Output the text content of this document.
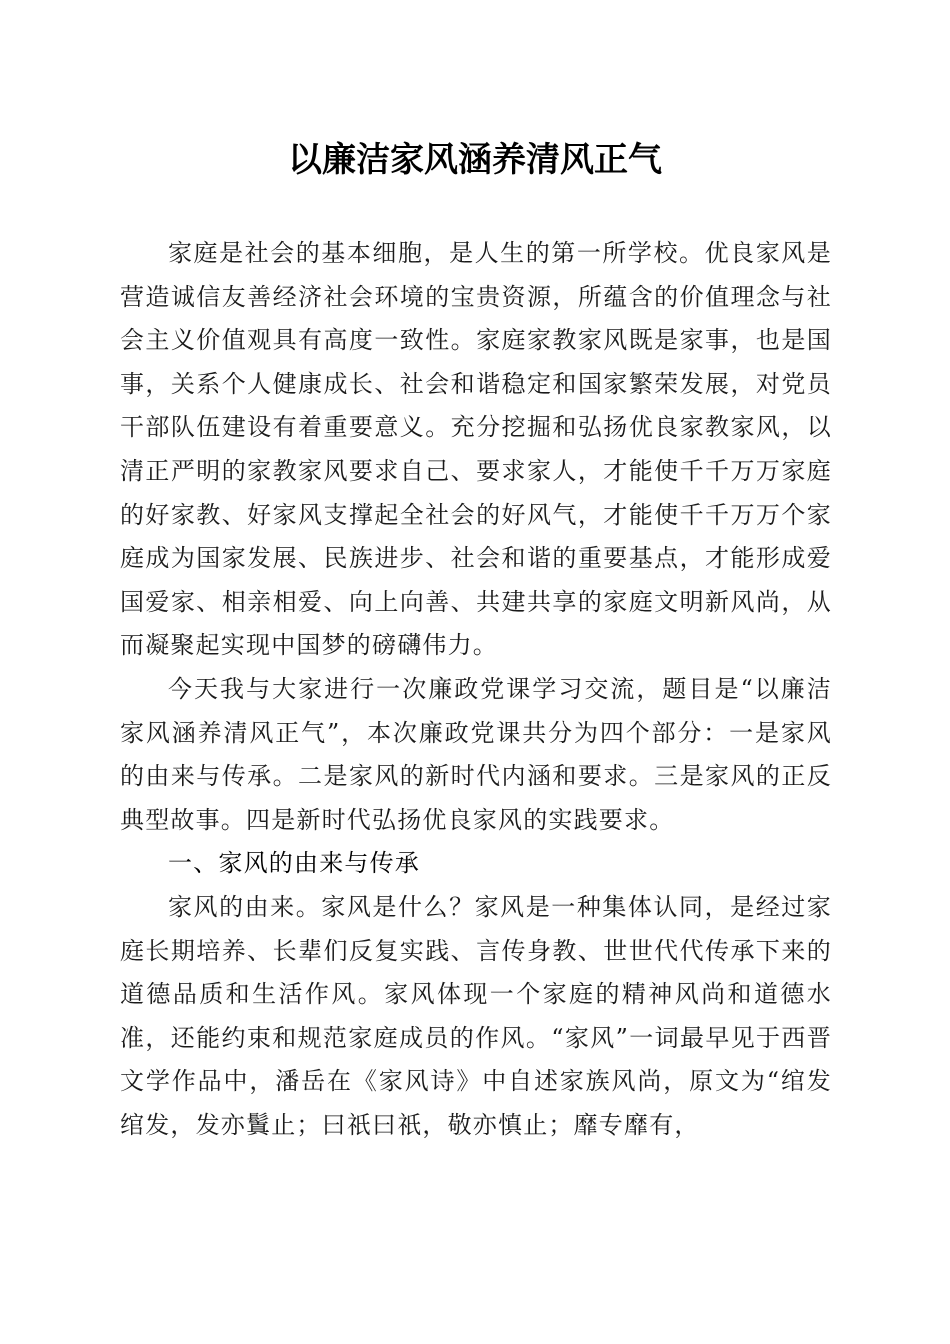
以廉洁家风涵养清风正气

家庭是社会的基本细胞，是人生的第一所学校。优良家风是营造诚信友善经济社会环境的宝贵资源，所蕴含的价值理念与社会主义价值观具有高度一致性。家庭家教家风既是家事，也是国事，关系个人健康成长、社会和谐稳定和国家繁荣发展，对党员干部队伍建设有着重要意义。充分挖掘和弘扬优良家教家风，以清正严明的家教家风要求自己、要求家人，才能使千千万万家庭的好家教、好家风支撑起全社会的好风气，才能使千千万万个家庭成为国家发展、民族进步、社会和谐的重要基点，才能形成爱国爱家、相亲相爱、向上向善、共建共享的家庭文明新风尚，从而凝聚起实现中国梦的磅礴伟力。

今天我与大家进行一次廉政党课学习交流，题目是“以廉洁家风涵养清风正气”，本次廉政党课共分为四个部分：一是家风的由来与传承。二是家风的新时代内涵和要求。三是家风的正反典型故事。四是新时代弘扬优良家风的实践要求。

一、家风的由来与传承

家风的由来。家风是什么？家风是一种集体认同，是经过家庭长期培养、长辈们反复实践、言传身教、世世代代传承下来的道德品质和生活作风。家风体现一个家庭的精神风尚和道德水准，还能约束和规范家庭成员的作风。“家风”一词最早见于西晋文学作品中，潘岳在《家风诗》中自述家族风尚，原文为“绾发绾发，发亦鬒止；曰祇曰祇，敬亦慎止；靡专靡有，
